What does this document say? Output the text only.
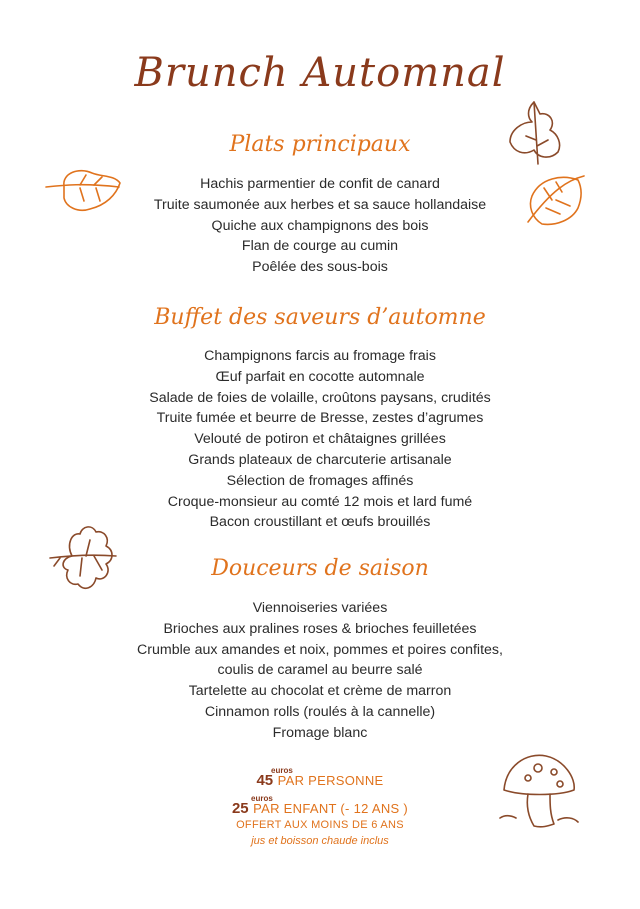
Brunch Automnal
Plats principaux
Hachis parmentier de confit de canard
Truite saumonée aux herbes et sa sauce hollandaise
Quiche aux champignons des bois
Flan de courge au cumin
Poêlée des sous-bois
Buffet des saveurs d’automne
Champignons farcis au fromage frais
Œuf parfait en cocotte automnale
Salade de foies de volaille, croûtons paysans, crudités
Truite fumée et beurre de Bresse, zestes d’agrumes
Velouté de potiron et châtaignes grillées
Grands plateaux de charcuterie artisanale
Sélection de fromages affinés
Croque-monsieur au comté 12 mois et lard fumé
Bacon croustillant et œufs brouillés
Douceurs de saison
Viennoiseries variées
Brioches aux pralines roses & brioches feuilletées
Crumble aux amandes et noix, pommes et poires confites,
coulis de caramel au beurre salé
Tartelette au chocolat et crème de marron
Cinnamon rolls (roulés à la cannelle)
Fromage blanc
euros
45 $_{PAR PERSONNE}$
euros
25 $_{PAR ENFANT (- 12 ANS )}$
OFFERT AUX MOINS DE 6 ANS
jus et boisson chaude inclus
